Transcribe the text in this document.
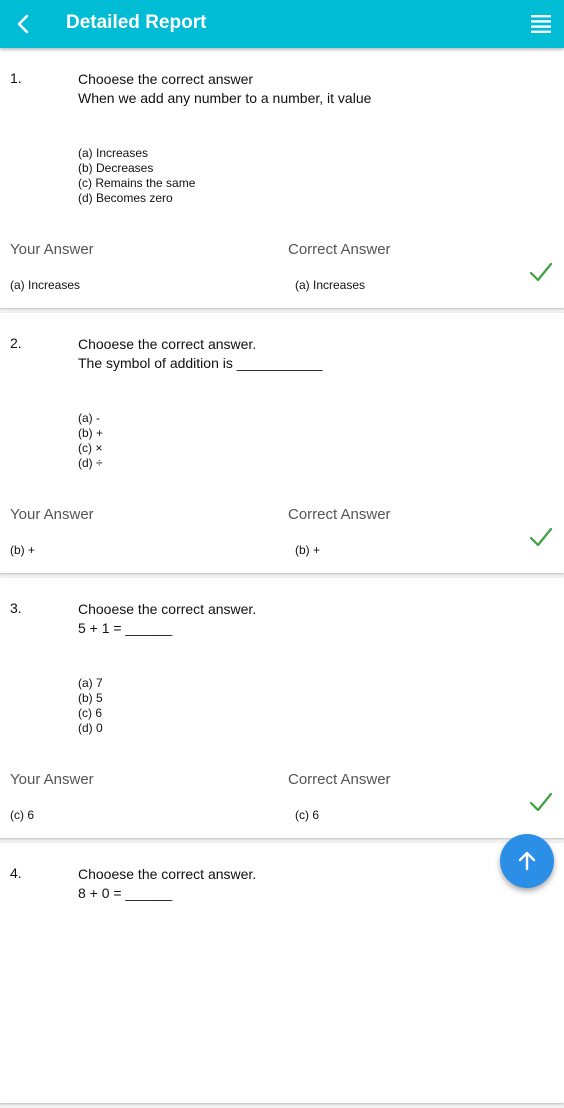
Detailed Report
1.	Chooese the correct answer
When we add any number to a number, it value
(a) Increases
(b) Decreases
(c) Remains the same
(d) Becomes zero
Your Answer	Correct Answer
(a) Increases	(a) Increases
2.	Chooese the correct answer.
The symbol of addition is ___________
(a) -
(b) +
(c) ×
(d) ÷
Your Answer	Correct Answer
(b) +	(b) +
3.	Chooese the correct answer.
5 + 1 = ______
(a) 7
(b) 5
(c) 6
(d) 0
Your Answer	Correct Answer
(c) 6	(c) 6
4.	Chooese the correct answer.
8 + 0 = ______
